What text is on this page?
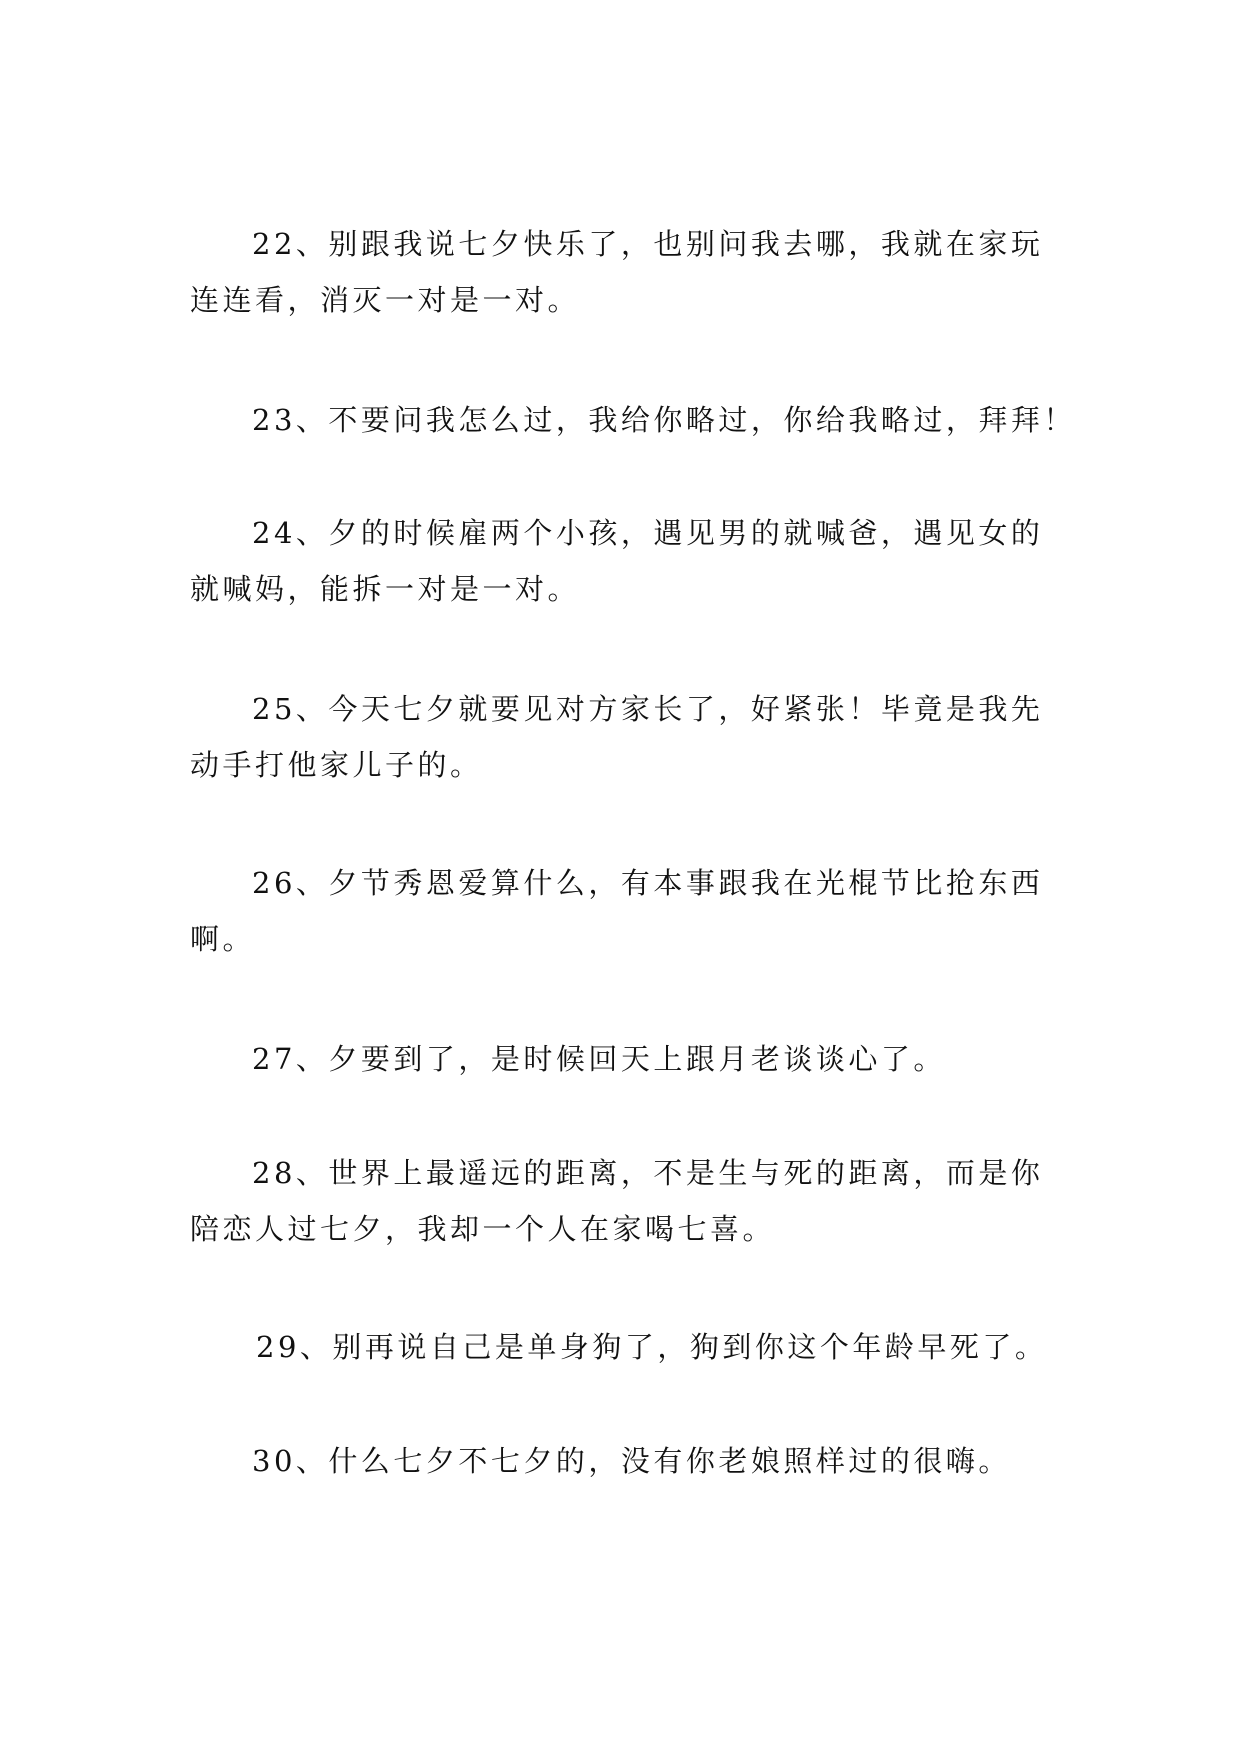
22、别跟我说七夕快乐了，也别问我去哪，我就在家玩
连连看，消灭一对是一对。
23、不要问我怎么过，我给你略过，你给我略过，拜拜！
24、夕的时候雇两个小孩，遇见男的就喊爸，遇见女的
就喊妈，能拆一对是一对。
25、今天七夕就要见对方家长了，好紧张！毕竟是我先
动手打他家儿子的。
26、夕节秀恩爱算什么，有本事跟我在光棍节比抢东西
啊。
27、夕要到了，是时候回天上跟月老谈谈心了。
28、世界上最遥远的距离，不是生与死的距离，而是你
陪恋人过七夕，我却一个人在家喝七喜。
29、别再说自己是单身狗了，狗到你这个年龄早死了。
30、什么七夕不七夕的，没有你老娘照样过的很嗨。
